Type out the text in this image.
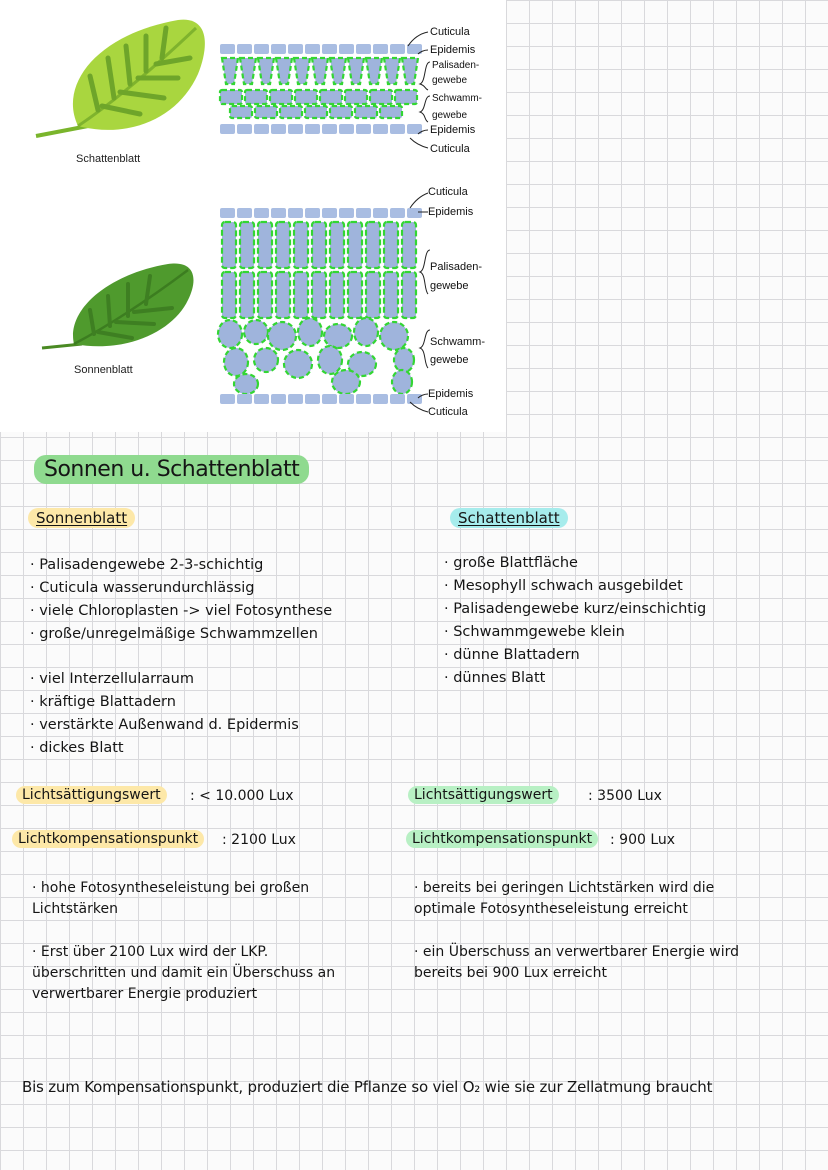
Schattenblatt
Sonnenblatt
Cuticula
Epidemis
Palisaden-
gewebe
Schwamm-
gewebe
Epidemis
Cuticula
Cuticula
Epidemis
Palisaden-
gewebe
Schwamm-
gewebe
Epidemis
Cuticula
Sonnen u. Schattenblatt
Sonnenblatt
· Palisadengewebe 2-3-schichtig
· Cuticula wasserundurchlässig
· viele Chloroplasten -> viel Fotosynthese
· große/unregelmäßige Schwammzellen
· viel Interzellularraum
· kräftige Blattadern
· verstärkte Außenwand d. Epidermis
· dickes Blatt
Lichtsättigungswert	: < 10.000 Lux
Lichtkompensationspunkt	: 2100 Lux
· hohe Fotosyntheseleistung bei großen Lichtstärken
· Erst über 2100 Lux wird der LKP. überschritten und damit ein Überschuss an verwertbarer Energie produziert
Schattenblatt
· große Blattfläche
· Mesophyll schwach ausgebildet
· Palisadengewebe kurz/einschichtig
· Schwammgewebe klein
· dünne Blattadern
· dünnes Blatt
Lichtsättigungswert	: 3500 Lux
Lichtkompensationspunkt	: 900 Lux
· bereits bei geringen Lichtstärken wird die optimale Fotosyntheseleistung erreicht
· ein Überschuss an verwertbarer Energie wird bereits bei 900 Lux erreicht
Bis zum Kompensationspunkt, produziert die Pflanze so viel O₂ wie sie zur Zellatmung braucht
